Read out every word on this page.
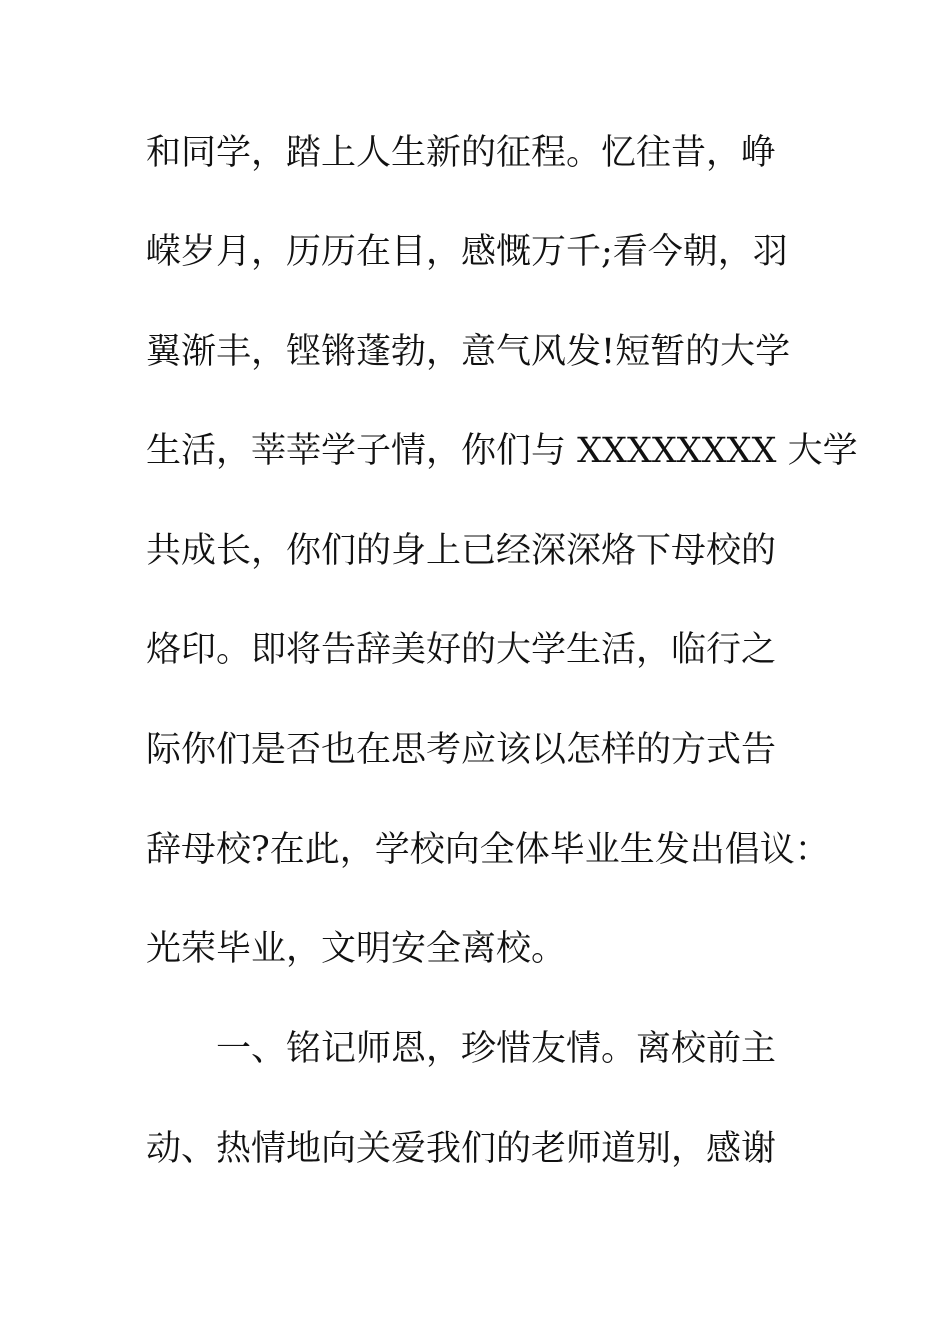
和同学，踏上人生新的征程。忆往昔，峥
嵘岁月，历历在目，感慨万千;看今朝，羽
翼渐丰，铿锵蓬勃，意气风发!短暂的大学
生活，莘莘学子情，你们与 XXXXXXXX 大学
共成长，你们的身上已经深深烙下母校的
烙印。即将告辞美好的大学生活，临行之
际你们是否也在思考应该以怎样的方式告
辞母校?在此，学校向全体毕业生发出倡议：
光荣毕业，文明安全离校。
一、铭记师恩，珍惜友情。离校前主
动、热情地向关爱我们的老师道别，感谢
